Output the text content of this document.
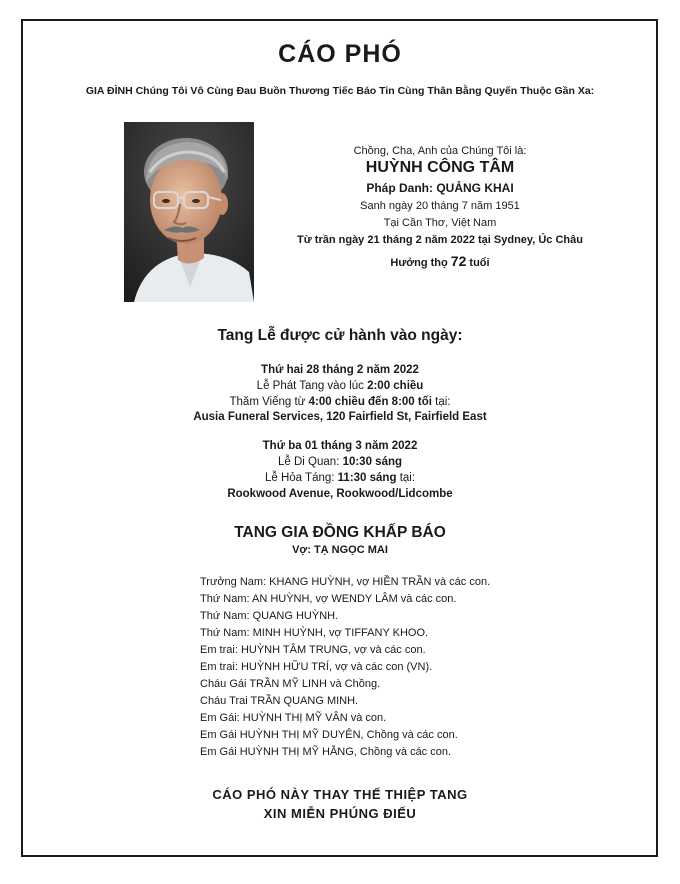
CÁO PHÓ
GIA ĐÌNH Chúng Tôi Vô Cùng Đau Buồn Thương Tiếc Báo Tin Cùng Thân Bằng Quyến Thuộc Gần Xa:
Chồng, Cha, Anh của Chúng Tôi là:
HUỲNH CÔNG TÂM
Pháp Danh: QUẢNG KHAI
Sanh ngày 20 tháng 7 năm 1951
Tại Cần Thơ, Việt Nam
Từ trần ngày 21 tháng 2 năm 2022 tại Sydney, Úc Châu
Hưởng thọ 72 tuổi
Tang Lễ được cử hành vào ngày:
Thứ hai 28 tháng 2 năm 2022
Lễ Phát Tang vào lúc 2:00 chiều
Thăm Viếng từ 4:00 chiều đến 8:00 tối tại:
Ausia Funeral Services, 120 Fairfield St, Fairfield East
Thứ ba 01 tháng 3 năm 2022
Lễ Di Quan: 10:30 sáng
Lễ Hỏa Táng: 11:30 sáng tại:
Rookwood Avenue, Rookwood/Lidcombe
TANG GIA ĐỒNG KHẤP BÁO
Vợ: TẠ NGỌC MAI
Trưởng Nam: KHANG HUỲNH, vợ HIỀN TRẦN và các con.
Thứ Nam: AN HUỲNH, vợ WENDY LÂM và các con.
Thứ Nam: QUANG HUỲNH.
Thứ Nam: MINH HUỲNH, vợ TIFFANY KHOO.
Em trai: HUỲNH TÂM TRUNG, vợ và các con.
Em trai: HUỲNH HỮU TRÍ, vợ và các con (VN).
Cháu Gái TRẦN MỸ LINH và Chồng.
Cháu Trai TRẦN QUANG MINH.
Em Gái: HUỲNH THỊ MỸ VÂN và con.
Em Gái HUỲNH THỊ MỸ DUYÊN, Chồng và các con.
Em Gái HUỲNH THỊ MỸ HẰNG, Chồng và các con.
CÁO PHÓ NÀY THAY THẾ THIỆP TANG
XIN MIỄN PHÚNG ĐIẾU
